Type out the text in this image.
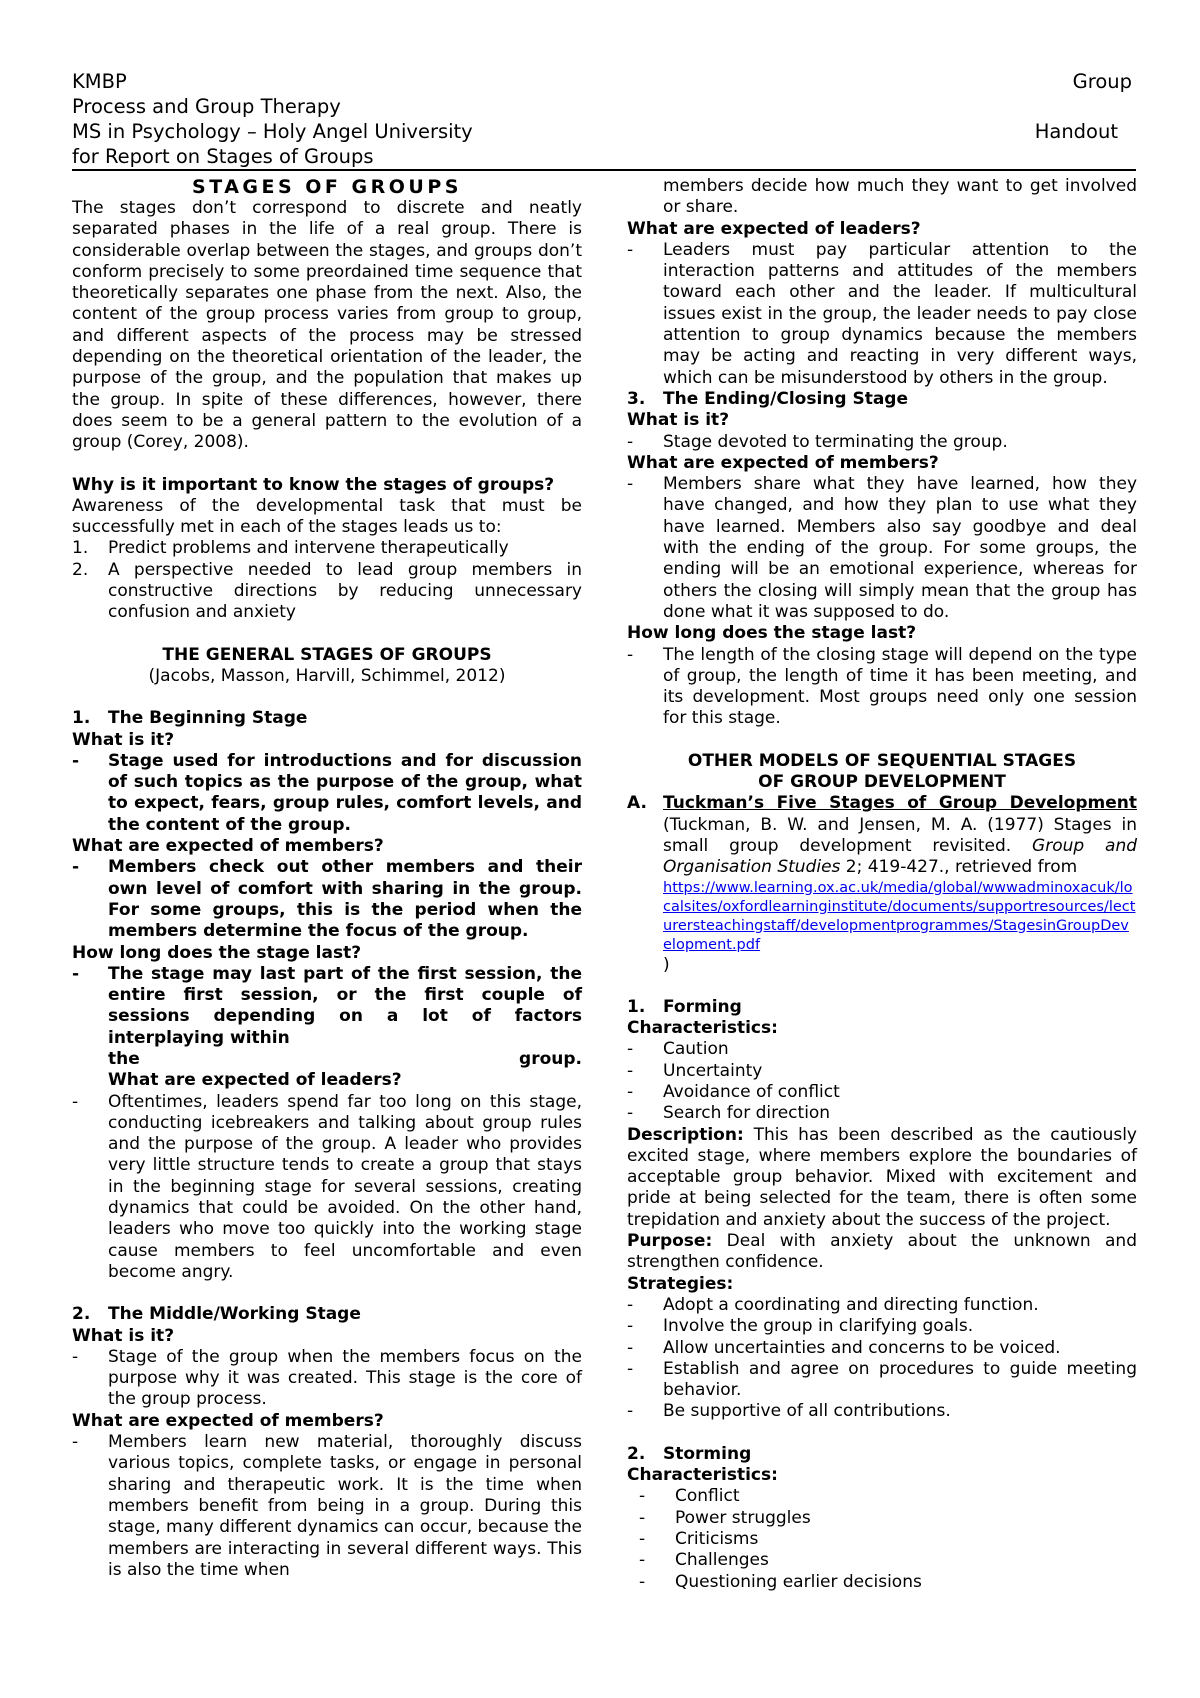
KMBP	Group
Process and Group Therapy
MS in Psychology – Holy Angel University	Handout
for Report on Stages of Groups
STAGES OF GROUPS

The stages don’t correspond to discrete and neatly separated phases in the life of a real group. There is considerable overlap between the stages, and groups don’t conform precisely to some preordained time sequence that theoretically separates one phase from the next. Also, the content of the group process varies from group to group, and different aspects of the process may be stressed depending on the theoretical orientation of the leader, the purpose of the group, and the population that makes up the group. In spite of these differences, however, there does seem to be a general pattern to the evolution of a group (Corey, 2008).

Why is it important to know the stages of groups?

Awareness of the developmental task that must be successfully met in each of the stages leads us to:

1.	Predict problems and intervene therapeutically
2.	A perspective needed to lead group members in constructive directions by reducing unnecessary confusion and anxiety

THE GENERAL STAGES OF GROUPS

(Jacobs, Masson, Harvill, Schimmel, 2012)

1.	The Beginning Stage

What is it?

-	Stage used for introductions and for discussion of such topics as the purpose of the group, what to expect, fears, group rules, comfort levels, and the content of the group.

What are expected of members?

-	Members check out other members and their own level of comfort with sharing in the group. For some groups, this is the period when the members determine the focus of the group.

How long does the stage last?

-	The stage may last part of the first session, the entire first session, or the first couple of sessions depending on a lot of factors interplaying within
the	group.
What are expected of leaders?
-	Oftentimes, leaders spend far too long on this stage, conducting icebreakers and talking about group rules and the purpose of the group. A leader who provides very little structure tends to create a group that stays in the beginning stage for several sessions, creating dynamics that could be avoided. On the other hand, leaders who move too quickly into the working stage cause members to feel uncomfortable and even become angry.
2.	The Middle/Working Stage

What is it?

-	Stage of the group when the members focus on the purpose why it was created. This stage is the core of the group process.

What are expected of members?

-	Members learn new material, thoroughly discuss various topics, complete tasks, or engage in personal sharing and therapeutic work. It is the time when members benefit from being in a group. During this stage, many different dynamics can occur, because the members are interacting in several different ways. This is also the time when
members decide how much they want to get involved or share.

What are expected of leaders?

-	Leaders must pay particular attention to the interaction patterns and attitudes of the members toward each other and the leader. If multicultural issues exist in the group, the leader needs to pay close attention to group dynamics because the members may be acting and reacting in very different ways, which can be misunderstood by others in the group.
3.	The Ending/Closing Stage

What is it?

-	Stage devoted to terminating the group.

What are expected of members?

-	Members share what they have learned, how they have changed, and how they plan to use what they have learned. Members also say goodbye and deal with the ending of the group. For some groups, the ending will be an emotional experience, whereas for others the closing will simply mean that the group has done what it was supposed to do.

How long does the stage last?

-	The length of the closing stage will depend on the type of group, the length of time it has been meeting, and its development. Most groups need only one session for this stage.

OTHER MODELS OF SEQUENTIAL STAGES

OF GROUP DEVELOPMENT

A. Tuckman’s Five Stages of Group Development (Tuckman, B. W. and Jensen, M. A. (1977) Stages in small group development revisited. Group and Organisation Studies 2; 419-427., retrieved from
https://www.learning.ox.ac.uk/media/global/wwwadminoxacuk/localsites/oxfordlearninginstitute/documents/supportresources/lecturersteachingstaff/developmentprogrammes/StagesinGroupDevelopment.pdf
)
1.	Forming

Characteristics:

-	Caution
-	Uncertainty
-	Avoidance of conflict
-	Search for direction

Description: This has been described as the cautiously excited stage, where members explore the boundaries of acceptable group behavior. Mixed with excitement and pride at being selected for the team, there is often some trepidation and anxiety about the success of the project.

Purpose: Deal with anxiety about the unknown and strengthen confidence.

Strategies:

-	Adopt a coordinating and directing function.
-	Involve the group in clarifying goals.
-	Allow uncertainties and concerns to be voiced.
-	Establish and agree on procedures to guide meeting behavior.
-	Be supportive of all contributions.
2.	Storming

Characteristics:

-	Conflict
-	Power struggles
-	Criticisms
-	Challenges
-	Questioning earlier decisions
